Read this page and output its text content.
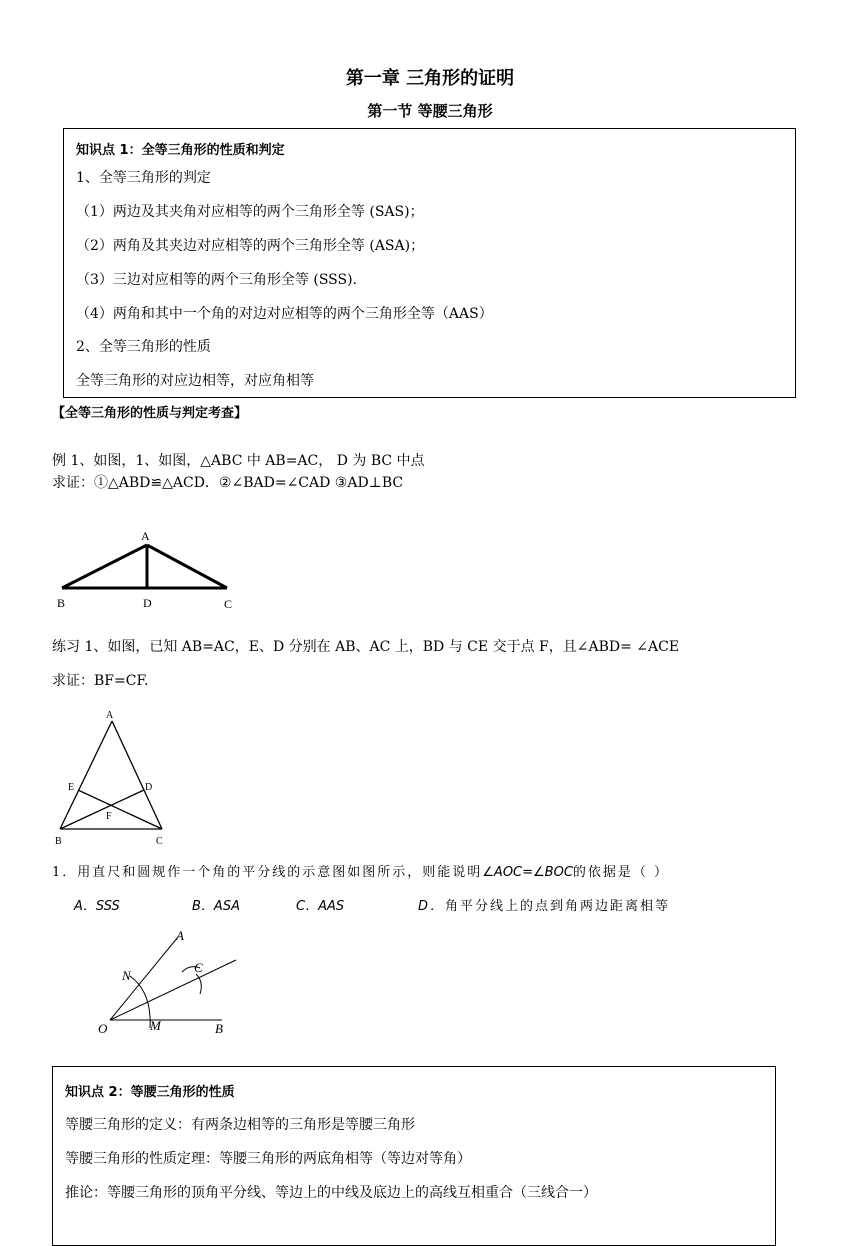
第一章 三角形的证明
第一节 等腰三角形
知识点 1：全等三角形的性质和判定
1、全等三角形的判定
（1）两边及其夹角对应相等的两个三角形全等 (SAS)；
（2）两角及其夹边对应相等的两个三角形全等 (ASA)；
（3）三边对应相等的两个三角形全等 (SSS).
（4）两角和其中一个角的对边对应相等的两个三角形全等（AAS）
2、全等三角形的性质
全等三角形的对应边相等，对应角相等
【全等三角形的性质与判定考查】
例 1、如图，1、如图，△ABC 中 AB=AC， D 为 BC 中点
求证：①△ABD≌△ACD．②∠BAD=∠CAD ③AD⊥BC
A
B	D	C
练习 1、如图，已知 AB=AC，E、D 分别在 AB、AC 上，BD 与 CE 交于点 F，且∠ABD= ∠ACE
求证：BF=CF.
A
E	D
F
B	C
1．用直尺和圆规作一个角的平分线的示意图如图所示，则能说明∠AOC=∠BOC的依据是（ ）
A．SSS	B．ASA	C．AAS	D．角平分线上的点到角两边距离相等
A
N
C
O	M	B
知识点 2：等腰三角形的性质
等腰三角形的定义：有两条边相等的三角形是等腰三角形
等腰三角形的性质定理：等腰三角形的两底角相等（等边对等角）
推论：等腰三角形的顶角平分线、等边上的中线及底边上的高线互相重合（三线合一）
